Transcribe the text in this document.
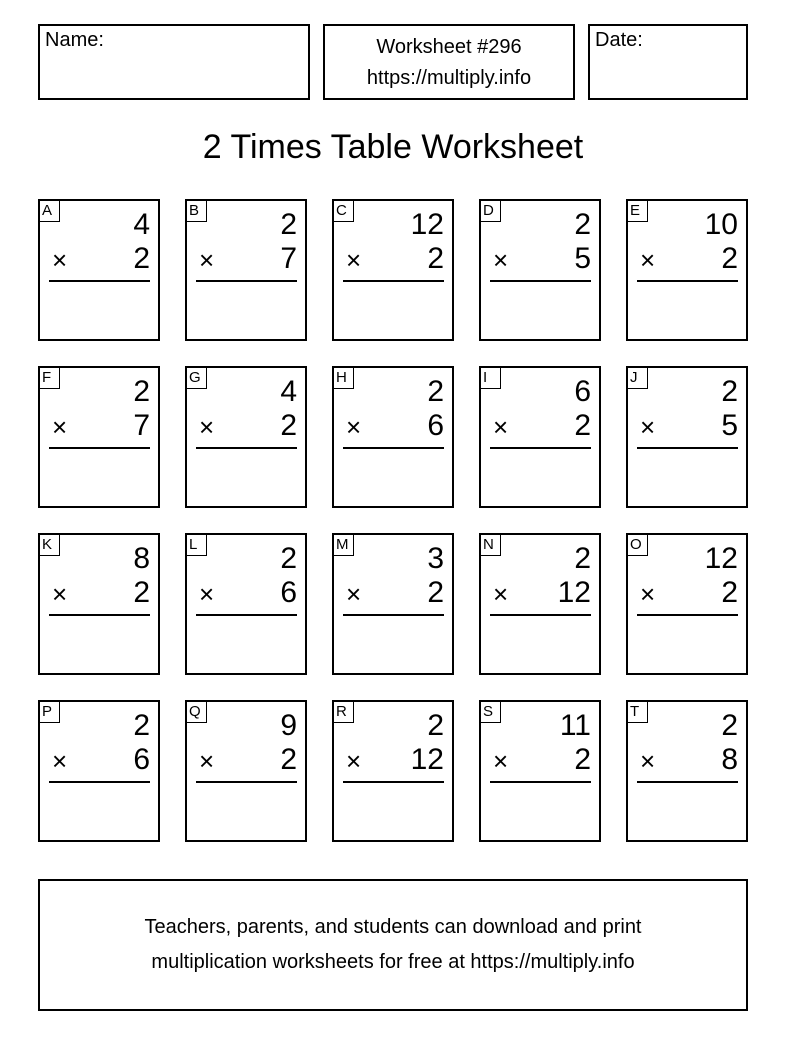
Name:	Worksheet #296
https://multiply.info
Date:
2 Times Table Worksheet
A	4
× 2
B	2
× 7
C 12
× 2
D	2
× 5
E 10
× 2
F	2
× 7
G	4
× 2
H	2
× 6
I	6
× 2
J	2
× 5
K	8
× 2
L	2
× 6
M	3
× 2
N	2
× 12
O 12
× 2
P	2
× 6
Q	9
× 2
R	2
× 12
S 11
× 2
T	2
× 8
Teachers, parents, and students can download and print
multiplication worksheets for free at https://multiply.info
